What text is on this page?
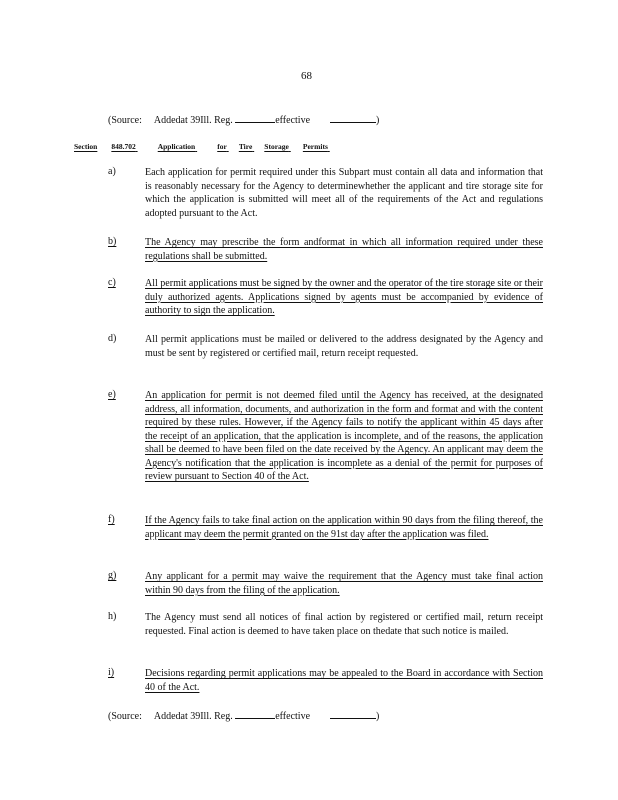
68
(Source: Addedat 39Ill. Reg.	effective	)
Section 848.702	Application	for Tire Storage Permits
a)	Each application for permit required under this Subpart must contain all data and information that is reasonably necessary for the Agency to determinewhether the applicant and tire storage site for which the application is submitted will meet all of the requirements of the Act and regulations adopted pursuant to the Act.
b)	The Agency may prescribe the form andformat in which all information required under these regulations shall be submitted.
c)	All permit applications must be signed by the owner and the operator of the tire storage site or their duly authorized agents. Applications signed by agents must be accompanied by evidence of authority to sign the application.
d)	All permit applications must be mailed or delivered to the address designated by the Agency and must be sent by registered or certified mail, return receipt requested.
e)	An application for permit is not deemed filed until the Agency has received, at the designated address, all information, documents, and authorization in the form and format and with the content required by these rules. However, if the Agency fails to notify the applicant within 45 days after the receipt of an application, that the application is incomplete, and of the reasons, the application shall be deemed to have been filed on the date received by the Agency. An applicant may deem the Agency's notification that the application is incomplete as a denial of the permit for purposes of review pursuant to Section 40 of the Act.
f)	If the Agency fails to take final action on the application within 90 days from the filing thereof, the applicant may deem the permit granted on the 91st day after the application was filed.
g)	Any applicant for a permit may waive the requirement that the Agency must take final action within 90 days from the filing of the application.
h)	The Agency must send all notices of final action by registered or certified mail, return receipt requested. Final action is deemed to have taken place on thedate that such notice is mailed.
i)	Decisions regarding permit applications may be appealed to the Board in accordance with Section 40 of the Act.
(Source: Addedat 39Ill. Reg.	effective	)
